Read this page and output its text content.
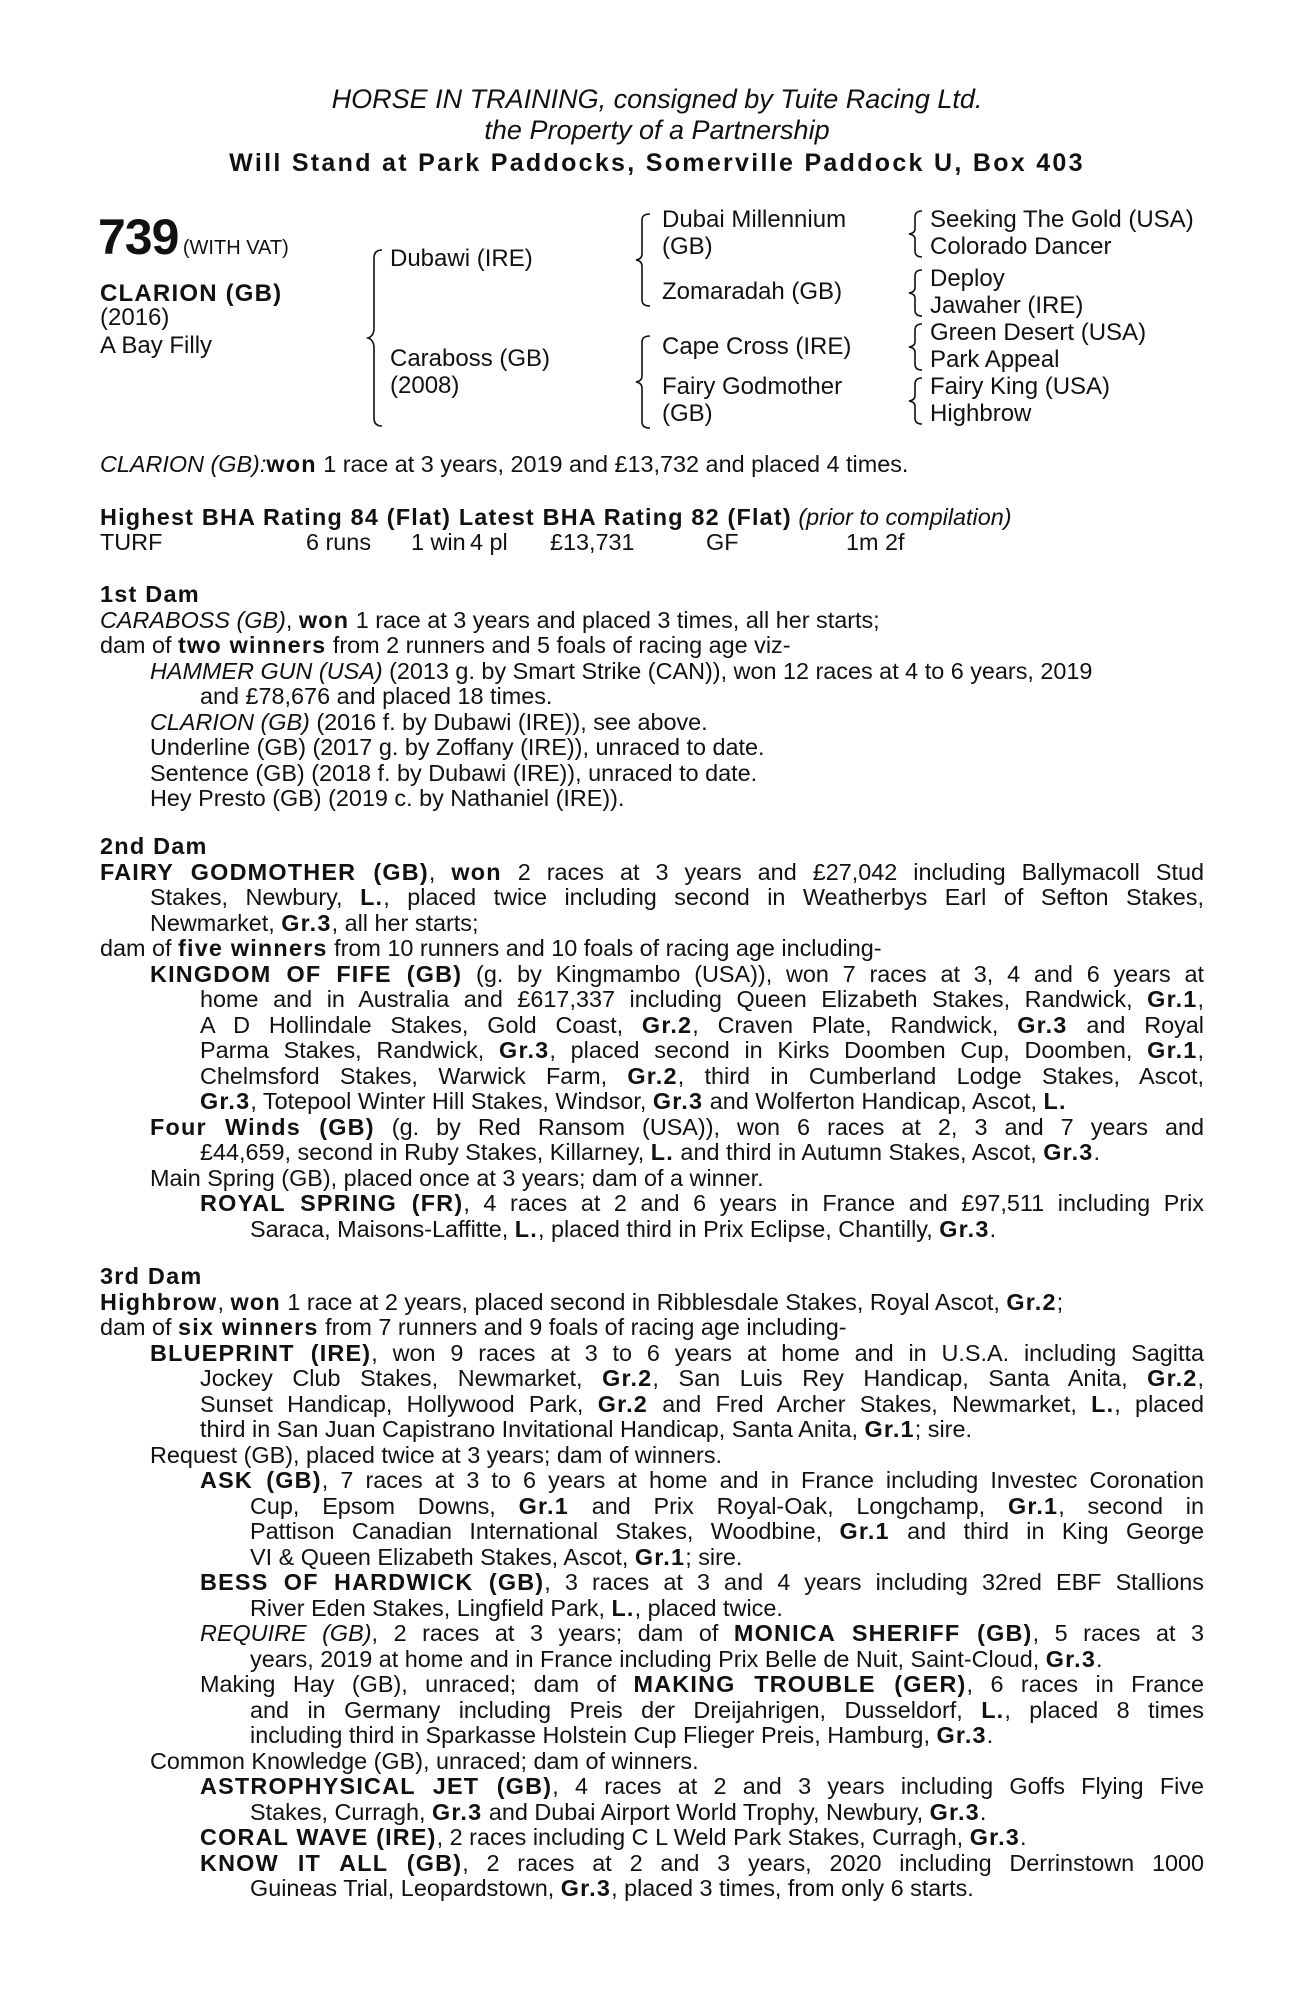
HORSE IN TRAINING, consigned by Tuite Racing Ltd.
the Property of a Partnership
Will Stand at Park Paddocks, Somerville Paddock U, Box 403
739 (WITH VAT)
CLARION (GB)
(2016)
A Bay Filly
Dubawi (IRE)
Caraboss (GB)
(2008)
Dubai Millennium
(GB)
Zomaradah (GB)
Cape Cross (IRE)
Fairy Godmother
(GB)
Seeking The Gold (USA)
Colorado Dancer
Deploy
Jawaher (IRE)
Green Desert (USA)
Park Appeal
Fairy King (USA)
Highbrow
CLARION (GB):won 1 race at 3 years, 2019 and £13,732 and placed 4 times.
Highest BHA Rating 84 (Flat) Latest BHA Rating 82 (Flat) (prior to compilation)
TURF	6 runs 1 win 4 pl £13,731	GF	1m 2f
1st Dam
CARABOSS (GB), won 1 race at 3 years and placed 3 times, all her starts;
dam of two winners from 2 runners and 5 foals of racing age viz-
HAMMER GUN (USA) (2013 g. by Smart Strike (CAN)), won 12 races at 4 to 6 years, 2019
and £78,676 and placed 18 times.
CLARION (GB) (2016 f. by Dubawi (IRE)), see above.
Underline (GB) (2017 g. by Zoffany (IRE)), unraced to date.
Sentence (GB) (2018 f. by Dubawi (IRE)), unraced to date.
Hey Presto (GB) (2019 c. by Nathaniel (IRE)).
2nd Dam
FAIRY GODMOTHER (GB), won 2 races at 3 years and £27,042 including Ballymacoll Stud
Stakes, Newbury, L., placed twice including second in Weatherbys Earl of Sefton Stakes,
Newmarket, Gr.3, all her starts;
dam of five winners from 10 runners and 10 foals of racing age including-
KINGDOM OF FIFE (GB) (g. by Kingmambo (USA)), won 7 races at 3, 4 and 6 years at
home and in Australia and £617,337 including Queen Elizabeth Stakes, Randwick, Gr.1,
A D Hollindale Stakes, Gold Coast, Gr.2, Craven Plate, Randwick, Gr.3 and Royal
Parma Stakes, Randwick, Gr.3, placed second in Kirks Doomben Cup, Doomben, Gr.1,
Chelmsford Stakes, Warwick Farm, Gr.2, third in Cumberland Lodge Stakes, Ascot,
Gr.3, Totepool Winter Hill Stakes, Windsor, Gr.3 and Wolferton Handicap, Ascot, L.
Four Winds (GB) (g. by Red Ransom (USA)), won 6 races at 2, 3 and 7 years and
£44,659, second in Ruby Stakes, Killarney, L. and third in Autumn Stakes, Ascot, Gr.3.
Main Spring (GB), placed once at 3 years; dam of a winner.
ROYAL SPRING (FR), 4 races at 2 and 6 years in France and £97,511 including Prix
Saraca, Maisons-Laffitte, L., placed third in Prix Eclipse, Chantilly, Gr.3.
3rd Dam
Highbrow, won 1 race at 2 years, placed second in Ribblesdale Stakes, Royal Ascot, Gr.2;
dam of six winners from 7 runners and 9 foals of racing age including-
BLUEPRINT (IRE), won 9 races at 3 to 6 years at home and in U.S.A. including Sagitta
Jockey Club Stakes, Newmarket, Gr.2, San Luis Rey Handicap, Santa Anita, Gr.2,
Sunset Handicap, Hollywood Park, Gr.2 and Fred Archer Stakes, Newmarket, L., placed
third in San Juan Capistrano Invitational Handicap, Santa Anita, Gr.1; sire.
Request (GB), placed twice at 3 years; dam of winners.
ASK (GB), 7 races at 3 to 6 years at home and in France including Investec Coronation
Cup, Epsom Downs, Gr.1 and Prix Royal-Oak, Longchamp, Gr.1, second in
Pattison Canadian International Stakes, Woodbine, Gr.1 and third in King George
VI & Queen Elizabeth Stakes, Ascot, Gr.1; sire.
BESS OF HARDWICK (GB), 3 races at 3 and 4 years including 32red EBF Stallions
River Eden Stakes, Lingfield Park, L., placed twice.
REQUIRE (GB), 2 races at 3 years; dam of MONICA SHERIFF (GB), 5 races at 3
years, 2019 at home and in France including Prix Belle de Nuit, Saint-Cloud, Gr.3.
Making Hay (GB), unraced; dam of MAKING TROUBLE (GER), 6 races in France
and in Germany including Preis der Dreijahrigen, Dusseldorf, L., placed 8 times
including third in Sparkasse Holstein Cup Flieger Preis, Hamburg, Gr.3.
Common Knowledge (GB), unraced; dam of winners.
ASTROPHYSICAL JET (GB), 4 races at 2 and 3 years including Goffs Flying Five
Stakes, Curragh, Gr.3 and Dubai Airport World Trophy, Newbury, Gr.3.
CORAL WAVE (IRE), 2 races including C L Weld Park Stakes, Curragh, Gr.3.
KNOW IT ALL (GB), 2 races at 2 and 3 years, 2020 including Derrinstown 1000
Guineas Trial, Leopardstown, Gr.3, placed 3 times, from only 6 starts.
